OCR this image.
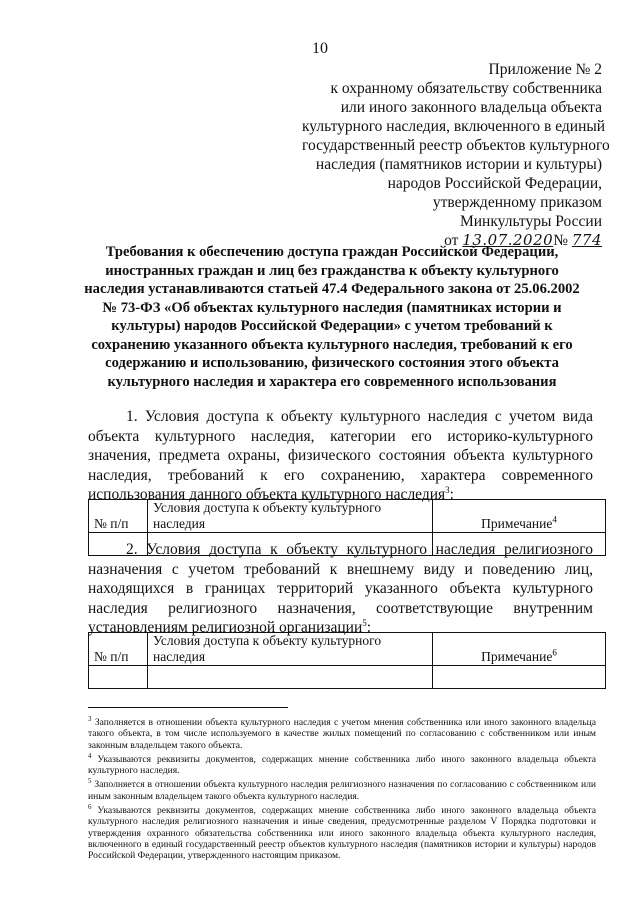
10
Приложение № 2
к охранному обязательству собственника
или иного законного владельца объекта
культурного наследия, включенного в единый
государственный реестр объектов культурного
наследия (памятников истории и культуры)
народов Российской Федерации,
утвержденному приказом
Минкультуры России
от 13.07.2020№ 774
Требования к обеспечению доступа граждан Российской Федерации, иностранных граждан и лиц без гражданства к объекту культурного наследия устанавливаются статьей 47.4 Федерального закона от 25.06.2002 № 73-ФЗ «Об объектах культурного наследия (памятниках истории и культуры) народов Российской Федерации» с учетом требований к сохранению указанного объекта культурного наследия, требований к его содержанию и использованию, физического состояния этого объекта культурного наследия и характера его современного использования
1. Условия доступа к объекту культурного наследия с учетом вида объекта культурного наследия, категории его историко-культурного значения, предмета охраны, физического состояния объекта культурного наследия, требований к его сохранению, характера современного использования данного объекта культурного наследия$^3$:
№ п/п	Условия доступа к объекту культурного наследия	Примечание$^4$

2. Условия доступа к объекту культурного наследия религиозного назначения с учетом требований к внешнему виду и поведению лиц, находящихся в границах территорий указанного объекта культурного наследия религиозного назначения, соответствующие внутренним установлениям религиозной организации$^5$:
№ п/п	Условия доступа к объекту культурного наследия	Примечание$^6$

$^3$ Заполняется в отношении объекта культурного наследия с учетом мнения собственника или иного законного владельца такого объекта, в том числе используемого в качестве жилых помещений по согласованию с собственником или иным законным владельцем такого объекта.

$^4$ Указываются реквизиты документов, содержащих мнение собственника либо иного законного владельца объекта культурного наследия.

$^5$ Заполняется в отношении объекта культурного наследия религиозного назначения по согласованию с собственником или иным законным владельцем такого объекта культурного наследия.

$^6$ Указываются реквизиты документов, содержащих мнение собственника либо иного законного владельца объекта культурного наследия религиозного назначения и иные сведения, предусмотренные разделом V Порядка подготовки и утверждения охранного обязательства собственника или иного законного владельца объекта культурного наследия, включенного в единый государственный реестр объектов культурного наследия (памятников истории и культуры) народов Российской Федерации, утвержденного настоящим приказом.
